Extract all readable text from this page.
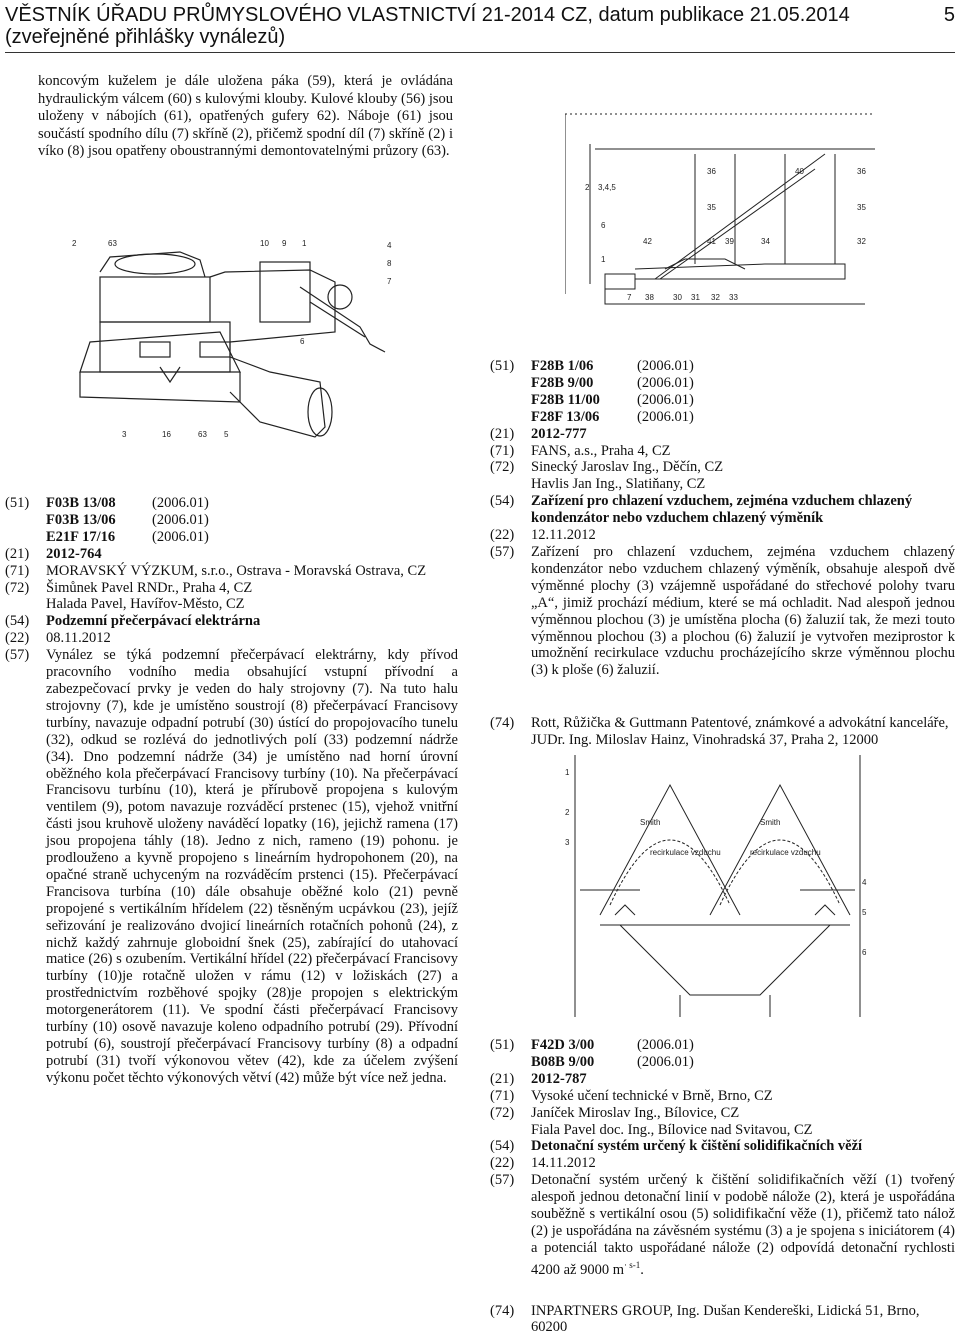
VĚSTNÍK ÚŘADU PRŮMYSLOVÉHO VLASTNICTVÍ 21-2014 CZ, datum publikace 21.05.2014
(zveřejněné přihlášky vynálezů)
5
koncovým kuželem je dále uložena páka (59), která je ovládána hydraulickým válcem (60) s kulovými klouby. Kulové klouby (56) jsou uloženy v nábojích (61), opatřených gufery 62). Náboje (61) jsou součástí spodního dílu (7) skříně (2), přičemž spodní díl (7) skříně (2) i víko (8) jsou opatřeny oboustrannými demontovatelnými průzory (63).
2	63	10 9 1	4
8
7
6
3	16	63 5
2 3,4,5
36	40	36
35	35
6
42	41 39	34	32
1
7 38 30 31 32 33
(51)	F03B 13/08	(2006.01)
F03B 13/06	(2006.01)
E21F 17/16	(2006.01)
(21)	2012-764
(71)	MORAVSKÝ VÝZKUM, s.r.o., Ostrava - Moravská Ostrava, CZ
(72)	Šimůnek Pavel RNDr., Praha 4, CZ
Halada Pavel, Havířov-Město, CZ
(54)	Podzemní přečerpávací elektrárna
(22)	08.11.2012
(57)	Vynález se týká podzemní přečerpávací elektrárny, kdy přívod pracovního vodního media obsahující vstupní přívodní a zabezpečovací prvky je veden do haly strojovny (7). Na tuto halu strojovny (7), kde je umístěno soustrojí (8) přečerpávací Francisovy turbíny, navazuje odpadní potrubí (30) ústící do propojovacího tunelu (32), odkud se rozlévá do jednotlivých polí (33) podzemní nádrže (34). Dno podzemní nádrže (34) je umístěno nad horní úrovní oběžného kola přečerpávací Francisovy turbíny (10). Na přečerpávací Francisovu turbínu (10), která je přírubově propojena s kulovým ventilem (9), potom navazuje rozváděcí prstenec (15), vjehož vnitřní části jsou kruhově uloženy naváděcí lopatky (16), jejichž ramena (17) jsou propojena táhly (18). Jedno z nich, rameno (19) pohonu. je prodlouženo a kyvně propojeno s lineárním hydropohonem (20), na opačné straně uchyceným na rozváděcím prstenci (15). Přečerpávací Francisova turbína (10) dále obsahuje oběžné kolo (21) pevně propojené s vertikálním hřídelem (22) těsněným ucpávkou (23), jejíž seřizování je realizováno dvojicí lineárních rotačních pohonů (24), z nichž každý zahrnuje globoidní šnek (25), zabírající do utahovací matice (26) s ozubením. Vertikální hřídel (22) přečerpávací Francisovy turbíny (10)je rotačně uložen v rámu (12) v ložiskách (27) a prostřednictvím rozběhové spojky (28)je propojen s elektrickým motorgenerátorem (11). Ve spodní části přečerpávací Francisovy turbíny (10) osově navazuje koleno odpadního potrubí (29). Přívodní potrubí (6), soustrojí přečerpávací Francisovy turbíny (8) a odpadní potrubí (31) tvoří výkonovou větev (42), kde za účelem zvýšení výkonu počet těchto výkonových větví (42) může být více než jedna.
(51)	F28B 1/06	(2006.01)
F28B 9/00	(2006.01)
F28B 11/00	(2006.01)
F28F 13/06	(2006.01)
(21)	2012-777
(71)	FANS, a.s., Praha 4, CZ
(72)	Sinecký Jaroslav Ing., Děčín, CZ
Havlis Jan Ing., Slatiňany, CZ
(54)	Zařízení pro chlazení vzduchem, zejména vzduchem chlazený kondenzátor nebo vzduchem chlazený výměník
(22)	12.11.2012
(57)	Zařízení pro chlazení vzduchem, zejména vzduchem chlazený kondenzátor nebo vzduchem chlazený výměník, obsahuje alespoň dvě výměnné plochy (3) vzájemně uspořádané do střechové polohy tvaru „A“, jimiž prochází médium, které se má ochladit. Nad alespoň jednou výměnnou plochou (3) je umístěna plocha (6) žaluzií tak, že mezi touto výměnnou plochou (3) a plochou (6) žaluzií je vytvořen meziprostor k umožnění recirkulace vzduchu procházejícího skrze výměnnou plochu (3) k ploše (6) žaluzií.
(74)	Rott, Růžička & Guttmann Patentové, známkové a advokátní kanceláře, JUDr. Ing. Miloslav Hainz, Vinohradská 37, Praha 2, 12000
1
2
3
Smith
recirkulace vzduchu
Smith
recirkulace vzduchu
4
5
6
(51)	F42D 3/00	(2006.01)
B08B 9/00	(2006.01)
(21)	2012-787
(71)	Vysoké učení technické v Brně, Brno, CZ
(72)	Janíček Miroslav Ing., Bílovice, CZ
Fiala Pavel doc. Ing., Bílovice nad Svitavou, CZ
(54)	Detonační systém určený k čištění solidifikačních věží
(22)	14.11.2012
(57)	Detonační systém určený k čištění solidifikačních věží (1) tvořený alespoň jednou detonační linií v podobě nálože (2), která je uspořádána souběžně s vertikální osou (5) solidifikační věže (1), přičemž tato nálož (2) je uspořádána na závěsném systému (3) a je spojena s iniciátorem (4) a potenciál takto uspořádané nálože (2) odpovídá detonační rychlosti 4200 až 9000 $m^{\cdot s-1}$.
(74)	INPARTNERS GROUP, Ing. Dušan Kendereški, Lidická 51, Brno, 60200
